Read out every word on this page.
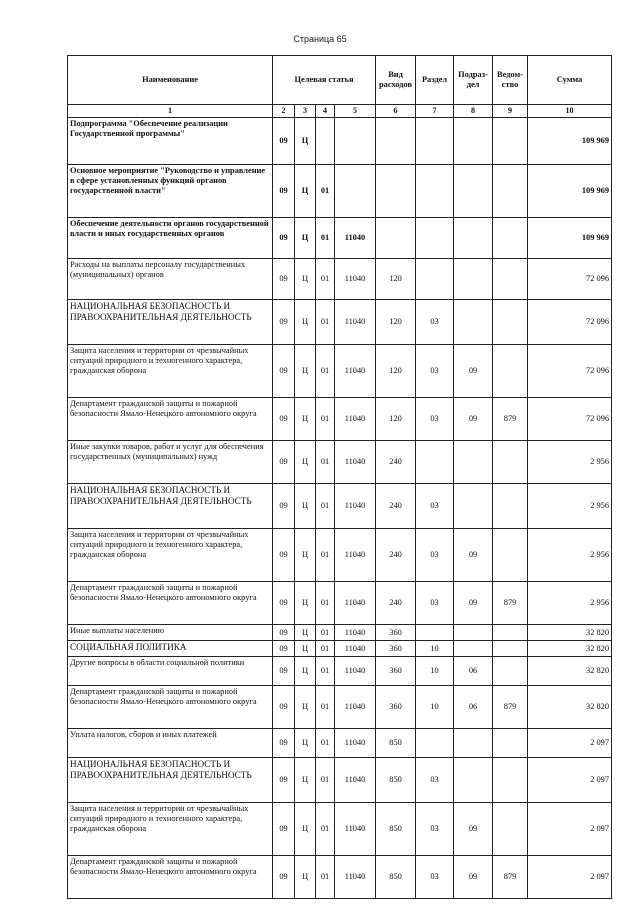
Страница 65
Наименование	Целевая статья				Вид расходов	Раздел	Подраз-дел	Ведом-ство	Сумма
1	2	3	4	5	6	7	8	9	10
Подпрограмма "Обеспечение реализации Государственной программы"	09	Ц							109 969
Основное мероприятие "Руководство и управление в сфере установленных функций органов государственной власти"	09	Ц	01						109 969
Обеспечение деятельности органов государственной власти и иных государственных органов	09	Ц	01	11040					109 969
Расходы на выплаты персоналу государственных (муниципальных) органов	09	Ц	01	11040	120				72 096
НАЦИОНАЛЬНАЯ БЕЗОПАСНОСТЬ И ПРАВООХРАНИТЕЛЬНАЯ ДЕЯТЕЛЬНОСТЬ	09	Ц	01	11040	120	03			72 096
Защита населения и территории от чрезвычайных ситуаций природного и техногенного характера, гражданская оборона	09	Ц	01	11040	120	03	09		72 096
Департамент гражданской защиты и пожарной безопасности Ямало-Ненецкого автономного округа	09	Ц	01	11040	120	03	09	879	72 096
Иные закупки товаров, работ и услуг для обеспечения государственных (муниципальных) нужд	09	Ц	01	11040	240				2 956
НАЦИОНАЛЬНАЯ БЕЗОПАСНОСТЬ И ПРАВООХРАНИТЕЛЬНАЯ ДЕЯТЕЛЬНОСТЬ	09	Ц	01	11040	240	03			2 956
Защита населения и территории от чрезвычайных ситуаций природного и техногенного характера, гражданская оборона	09	Ц	01	11040	240	03	09		2 956
Департамент гражданской защиты и пожарной безопасности Ямало-Ненецкого автономного округа	09	Ц	01	11040	240	03	09	879	2 956
Иные выплаты населению	09	Ц	01	11040	360				32 820
СОЦИАЛЬНАЯ ПОЛИТИКА	09	Ц	01	11040	360	10			32 820
Другие вопросы в области социальной политики	09	Ц	01	11040	360	10	06		32 820
Департамент гражданской защиты и пожарной безопасности Ямало-Ненецкого автономного округа	09	Ц	01	11040	360	10	06	879	32 820
Уплата налогов, сборов и иных платежей	09	Ц	01	11040	850				2 097
НАЦИОНАЛЬНАЯ БЕЗОПАСНОСТЬ И ПРАВООХРАНИТЕЛЬНАЯ ДЕЯТЕЛЬНОСТЬ	09	Ц	01	11040	850	03			2 097
Защита населения и территории от чрезвычайных ситуаций природного и техногенного характера, гражданская оборона	09	Ц	01	11040	850	03	09		2 097
Департамент гражданской защиты и пожарной безопасности Ямало-Ненецкого автономного округа	09	Ц	01	11040	850	03	09	879	2 097
